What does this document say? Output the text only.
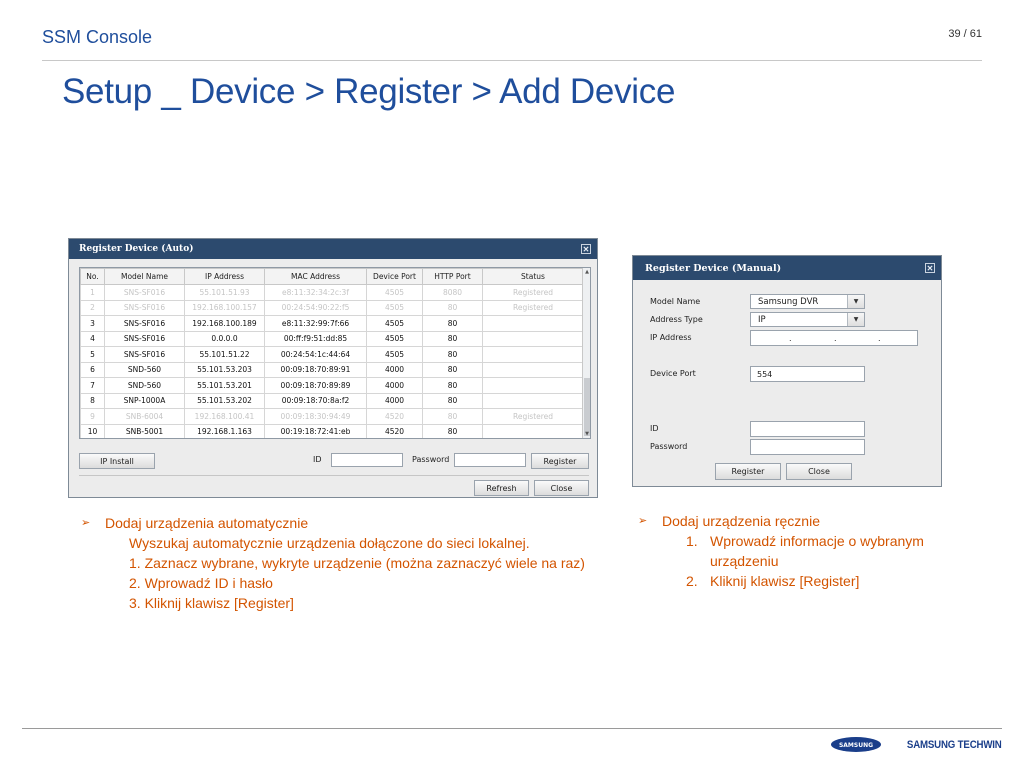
SSM Console	39 / 61
Setup _ Device > Register > Add Device
Register Device (Auto)	✕
No.	Model Name	IP Address	MAC Address	Device Port	HTTP Port	Status
1	SNS-SF016	55.101.51.93	e8:11:32:34:2c:3f	4505	8080	Registered
2	SNS-SF016	192.168.100.157	00:24:54:90:22:f5	4505	80	Registered
3	SNS-SF016	192.168.100.189	e8:11:32:99:7f:66	4505	80	
4	SNS-SF016	0.0.0.0	00:ff:f9:51:dd:85	4505	80	
5	SNS-SF016	55.101.51.22	00:24:54:1c:44:64	4505	80	
6	SND-560	55.101.53.203	00:09:18:70:89:91	4000	80	
7	SND-560	55.101.53.201	00:09:18:70:89:89	4000	80	
8	SNP-1000A	55.101.53.202	00:09:18:70:8a:f2	4000	80	
9	SNB-6004	192.168.100.41	00:09:18:30:94:49	4520	80	Registered
10	SNB-5001	192.168.1.163	00:19:18:72:41:eb	4520	80	
▲
▼
IP Install	ID	Password	Register
Refresh	Close
Register Device (Manual)	✕
Model Name	Samsung DVR	▼
Address Type	IP	▼
IP Address	.	.	.
Device Port	554
ID
Password
Register	Close
➢	Dodaj urządzenia automatycznie
Wyszukaj automatycznie urządzenia dołączone do sieci lokalnej.
1. Zaznacz wybrane, wykryte urządzenie (można zaznaczyć wiele na raz)
2. Wprowadź ID i hasło
3. Kliknij klawisz [Register]
➢	Dodaj urządzenia ręcznie
1. Wprowadź informacje o wybranym urządzeniu
2. Kliknij klawisz [Register]
SAMSUNG	SAMSUNG TECHWIN
